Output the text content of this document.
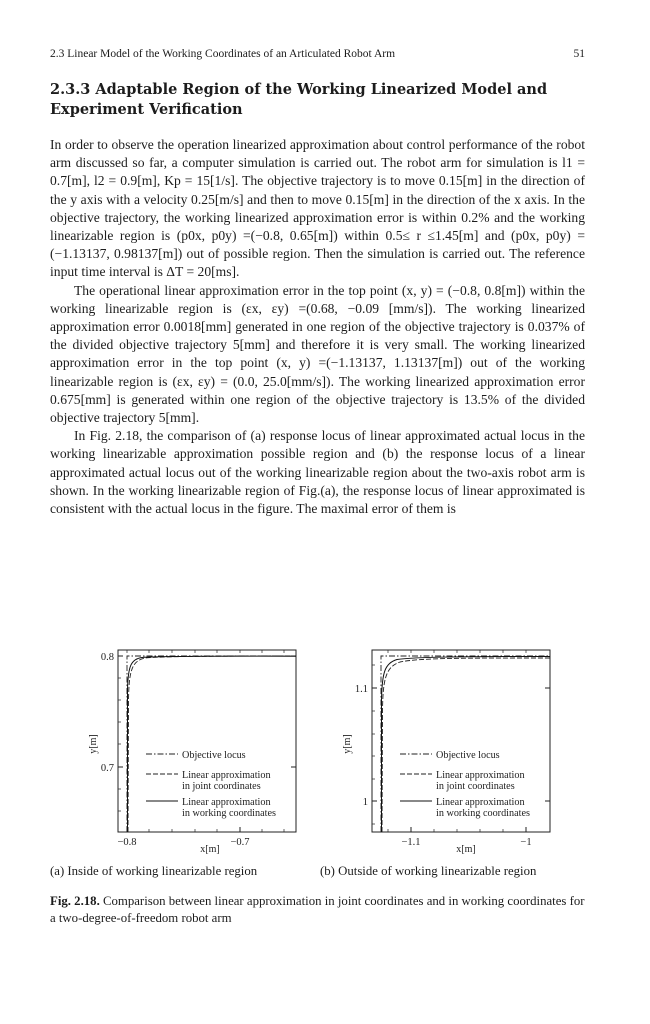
2.3 Linear Model of the Working Coordinates of an Articulated Robot Arm	51
2.3.3 Adaptable Region of the Working Linearized Model and Experiment Verification

In order to observe the operation linearized approximation about control performance of the robot arm discussed so far, a computer simulation is carried out. The robot arm for simulation is l1 = 0.7[m], l2 = 0.9[m], Kp = 15[1/s]. The objective trajectory is to move 0.15[m] in the direction of the y axis with a velocity 0.25[m/s] and then to move 0.15[m] in the direction of the x axis. In the objective trajectory, the working linearized approximation error is within 0.2% and the working linearizable region is (p0x, p0y) =(−0.8, 0.65[m]) within 0.5≤ r ≤1.45[m] and (p0x, p0y) =(−1.13137, 0.98137[m]) out of possible region. Then the simulation is carried out. The reference input time interval is ΔT = 20[ms].

The operational linear approximation error in the top point (x, y) = (−0.8, 0.8[m]) within the working linearizable region is (εx, εy) =(0.68, −0.09 [mm/s]). The working linearized approximation error 0.0018[mm] generated in one region of the objective trajectory is 0.037% of the divided objective trajectory 5[mm] and therefore it is very small. The working linearized approximation error in the top point (x, y) =(−1.13137, 1.13137[m]) out of the working linearizable region is (εx, εy) = (0.0, 25.0[mm/s]). The working linearized approximation error 0.675[mm] is generated within one region of the objective trajectory is 13.5% of the divided objective trajectory 5[mm].

In Fig. 2.18, the comparison of (a) response locus of linear approximated actual locus in the working linearizable approximation possible region and (b) the response locus of a linear approximated actual locus out of the working linearizable region about the two-axis robot arm is shown. In the working linearizable region of Fig.(a), the response locus of linear approximated is consistent with the actual locus in the figure. The maximal error of them is

0.8
0.7
−0.8	−0.7
x[m]
y[m]
Objective locus
Linear approximation
in joint coordinates
Linear approximation
in working coordinates
1.1
1
−1.1	−1
x[m]
y[m]
Objective locus
Linear approximation
in joint coordinates
Linear approximation
in working coordinates
(a) Inside of working linearizable region	(b) Outside of working linearizable region
Fig. 2.18. Comparison between linear approximation in joint coordinates and in working coordinates for a two-degree-of-freedom robot arm
